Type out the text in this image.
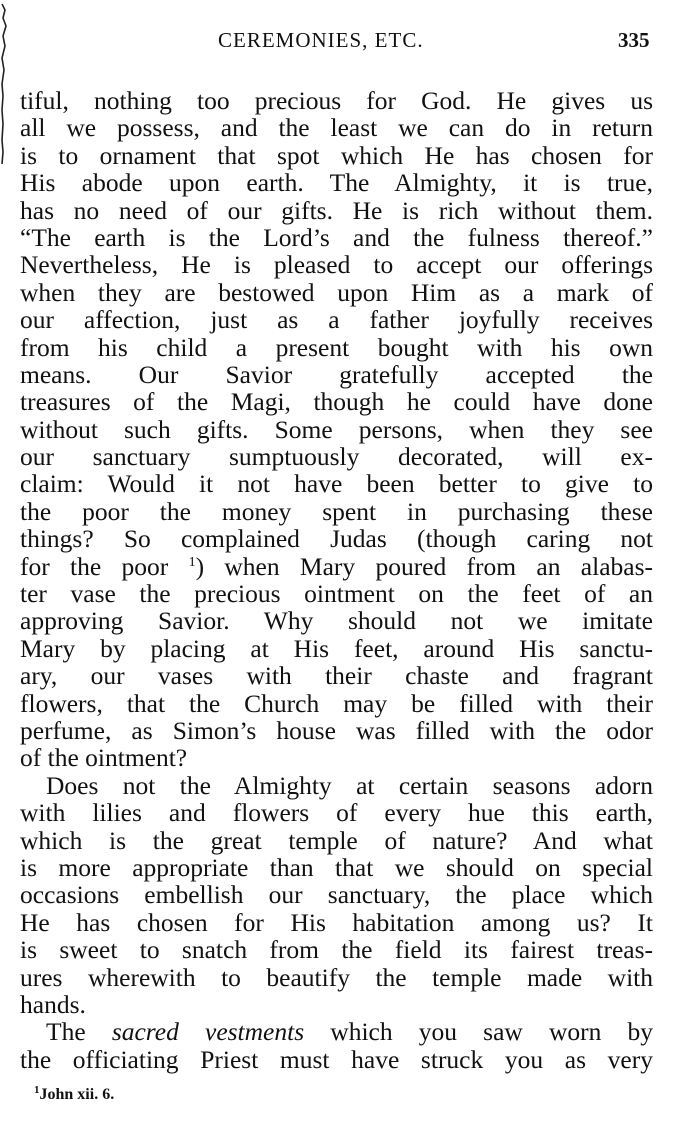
CEREMONIES, ETC.	335
tiful, nothing too precious for God. He gives us
all we possess, and the least we can do in return
is to ornament that spot which He has chosen for
His abode upon earth. The Almighty, it is true,
has no need of our gifts. He is rich without them.
“The earth is the Lord’s and the fulness thereof.”
Nevertheless, He is pleased to accept our offerings
when they are bestowed upon Him as a mark of
our affection, just as a father joyfully receives
from his child a present bought with his own
means. Our Savior gratefully accepted the
treasures of the Magi, though he could have done
without such gifts. Some persons, when they see
our sanctuary sumptuously decorated, will ex-
claim: Would it not have been better to give to
the poor the money spent in purchasing these
things? So complained Judas (though caring not
for the poor $^1$) when Mary poured from an alabas-
ter vase the precious ointment on the feet of an
approving Savior. Why should not we imitate
Mary by placing at His feet, around His sanctu-
ary, our vases with their chaste and fragrant
flowers, that the Church may be filled with their
perfume, as Simon’s house was filled with the odor
of the ointment?
Does not the Almighty at certain seasons adorn
with lilies and flowers of every hue this earth,
which is the great temple of nature? And what
is more appropriate than that we should on special
occasions embellish our sanctuary, the place which
He has chosen for His habitation among us? It
is sweet to snatch from the field its fairest treas-
ures wherewith to beautify the temple made with
hands.
The sacred vestments which you saw worn by
the officiating Priest must have struck you as very
$^1$John xii. 6.
